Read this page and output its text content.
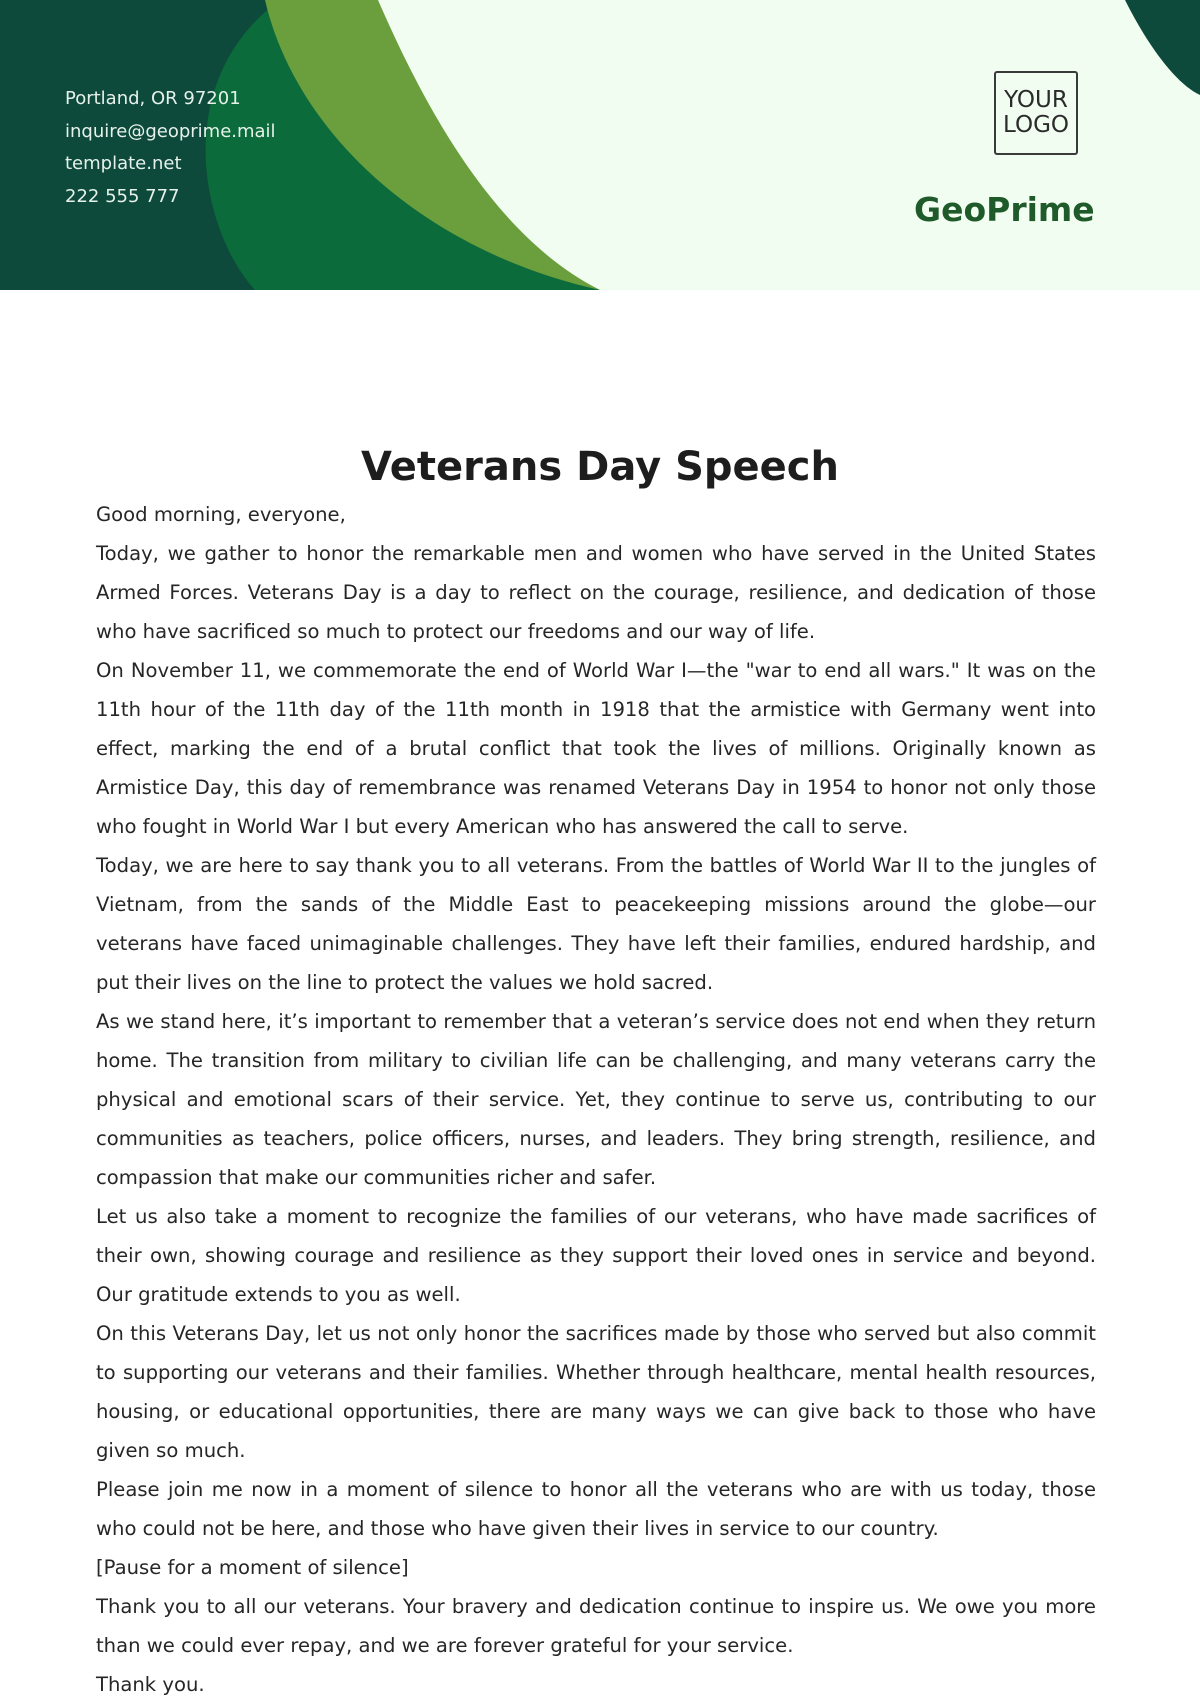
Portland, OR 97201
inquire@geoprime.mail
template.net
222 555 777
YOUR
LOGO
GeoPrime
Veterans Day Speech

Good morning, everyone,

Today, we gather to honor the remarkable men and women who have served in the United States Armed Forces. Veterans Day is a day to reflect on the courage, resilience, and dedication of those who have sacrificed so much to protect our freedoms and our way of life.

On November 11, we commemorate the end of World War I—the "war to end all wars." It was on the 11th hour of the 11th day of the 11th month in 1918 that the armistice with Germany went into effect, marking the end of a brutal conflict that took the lives of millions. Originally known as Armistice Day, this day of remembrance was renamed Veterans Day in 1954 to honor not only those who fought in World War I but every American who has answered the call to serve.

Today, we are here to say thank you to all veterans. From the battles of World War II to the jungles of Vietnam, from the sands of the Middle East to peacekeeping missions around the globe—our veterans have faced unimaginable challenges. They have left their families, endured hardship, and put their lives on the line to protect the values we hold sacred.

As we stand here, it’s important to remember that a veteran’s service does not end when they return home. The transition from military to civilian life can be challenging, and many veterans carry the physical and emotional scars of their service. Yet, they continue to serve us, contributing to our communities as teachers, police officers, nurses, and leaders. They bring strength, resilience, and compassion that make our communities richer and safer.

Let us also take a moment to recognize the families of our veterans, who have made sacrifices of their own, showing courage and resilience as they support their loved ones in service and beyond. Our gratitude extends to you as well.

On this Veterans Day, let us not only honor the sacrifices made by those who served but also commit to supporting our veterans and their families. Whether through healthcare, mental health resources, housing, or educational opportunities, there are many ways we can give back to those who have given so much.

Please join me now in a moment of silence to honor all the veterans who are with us today, those who could not be here, and those who have given their lives in service to our country.

[Pause for a moment of silence]

Thank you to all our veterans. Your bravery and dedication continue to inspire us. We owe you more than we could ever repay, and we are forever grateful for your service.

Thank you.
